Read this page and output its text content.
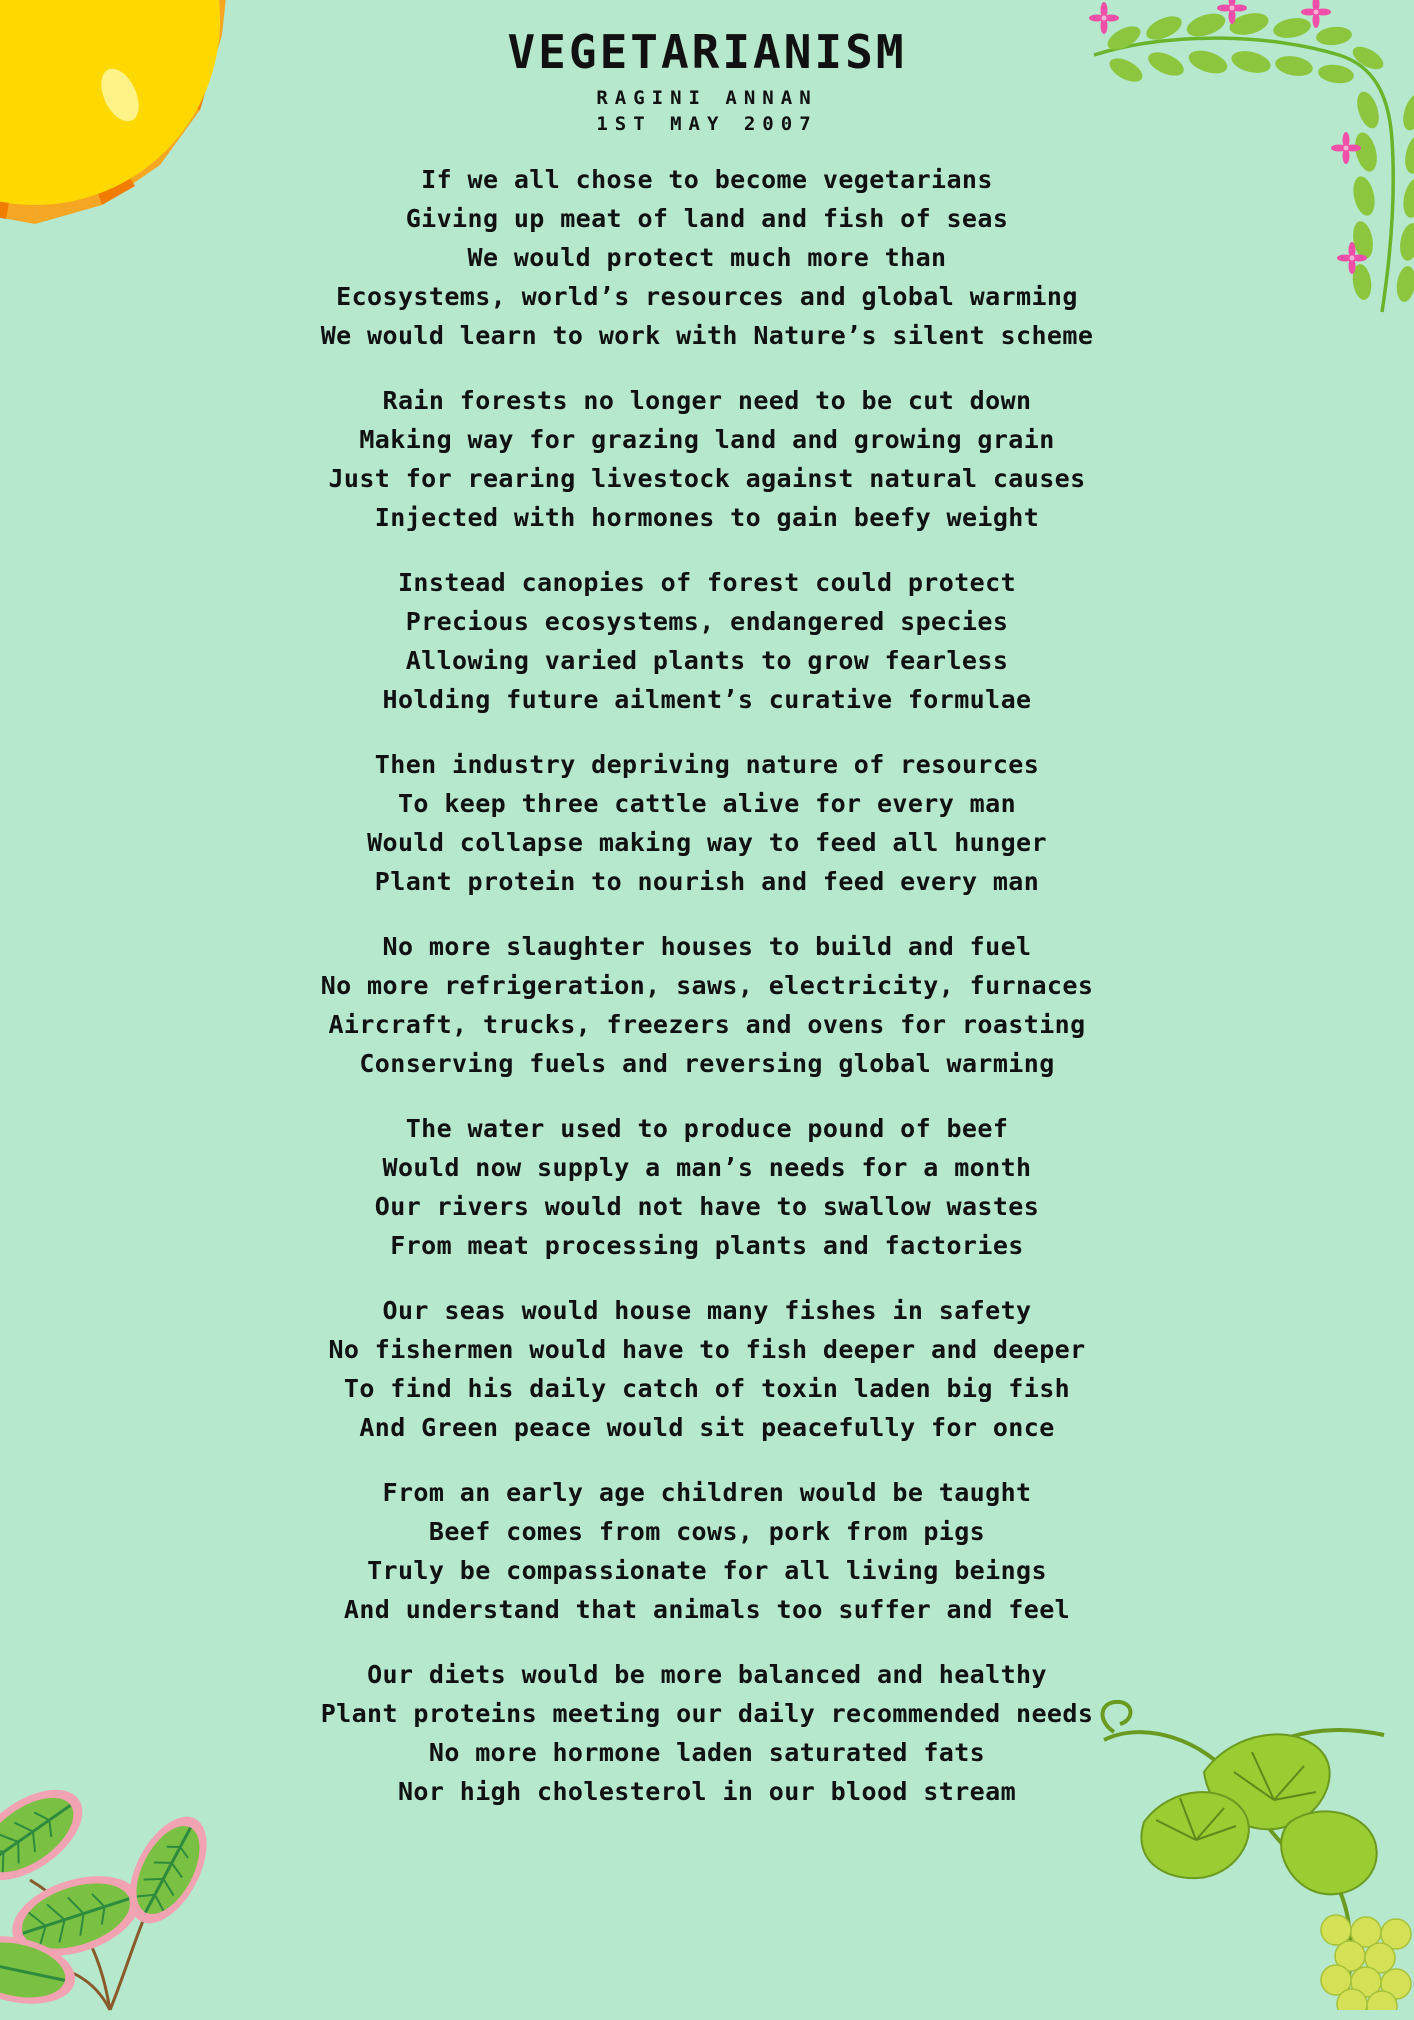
VEGETARIANISM
RAGINI ANNAN
1ST MAY 2007
If we all chose to become vegetarians
Giving up meat of land and fish of seas
We would protect much more than
Ecosystems, world’s resources and global warming
We would learn to work with Nature’s silent scheme
Rain forests no longer need to be cut down
Making way for grazing land and growing grain
Just for rearing livestock against natural causes
Injected with hormones to gain beefy weight
Instead canopies of forest could protect
Precious ecosystems, endangered species
Allowing varied plants to grow fearless
Holding future ailment’s curative formulae
Then industry depriving nature of resources
To keep three cattle alive for every man
Would collapse making way to feed all hunger
Plant protein to nourish and feed every man
No more slaughter houses to build and fuel
No more refrigeration, saws, electricity, furnaces
Aircraft, trucks, freezers and ovens for roasting
Conserving fuels and reversing global warming
The water used to produce pound of beef
Would now supply a man’s needs for a month
Our rivers would not have to swallow wastes
From meat processing plants and factories
Our seas would house many fishes in safety
No fishermen would have to fish deeper and deeper
To find his daily catch of toxin laden big fish
And Green peace would sit peacefully for once
From an early age children would be taught
Beef comes from cows, pork from pigs
Truly be compassionate for all living beings
And understand that animals too suffer and feel
Our diets would be more balanced and healthy
Plant proteins meeting our daily recommended needs
No more hormone laden saturated fats
Nor high cholesterol in our blood stream
